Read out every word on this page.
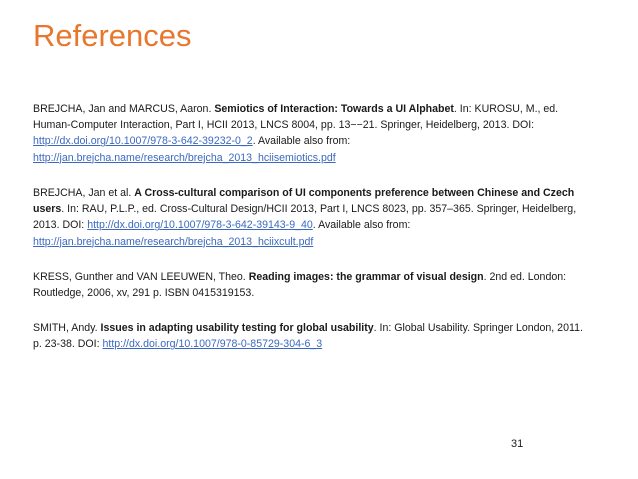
References

BREJCHA, Jan and MARCUS, Aaron. Semiotics of Interaction: Towards a UI Alphabet. In: KUROSU, M., ed.
Human-Computer Interaction, Part I, HCII 2013, LNCS 8004, pp. 13−−21. Springer, Heidelberg, 2013. DOI:
http://dx.doi.org/10.1007/978-3-642-39232-0_2. Available also from:
http://jan.brejcha.name/research/brejcha_2013_hciisemiotics.pdf

BREJCHA, Jan et al. A Cross-cultural comparison of UI components preference between Chinese and Czech
users. In: RAU, P.L.P., ed. Cross-Cultural Design/HCII 2013, Part I, LNCS 8023, pp. 357–365. Springer, Heidelberg,
2013. DOI: http://dx.doi.org/10.1007/978-3-642-39143-9_40. Available also from:
http://jan.brejcha.name/research/brejcha_2013_hciixcult.pdf

KRESS, Gunther and VAN LEEUWEN, Theo. Reading images: the grammar of visual design. 2nd ed. London:
Routledge, 2006, xv, 291 p. ISBN 0415319153.

SMITH, Andy. Issues in adapting usability testing for global usability. In: Global Usability. Springer London, 2011.
p. 23-38. DOI: http://dx.doi.org/10.1007/978-0-85729-304-6_3

31
